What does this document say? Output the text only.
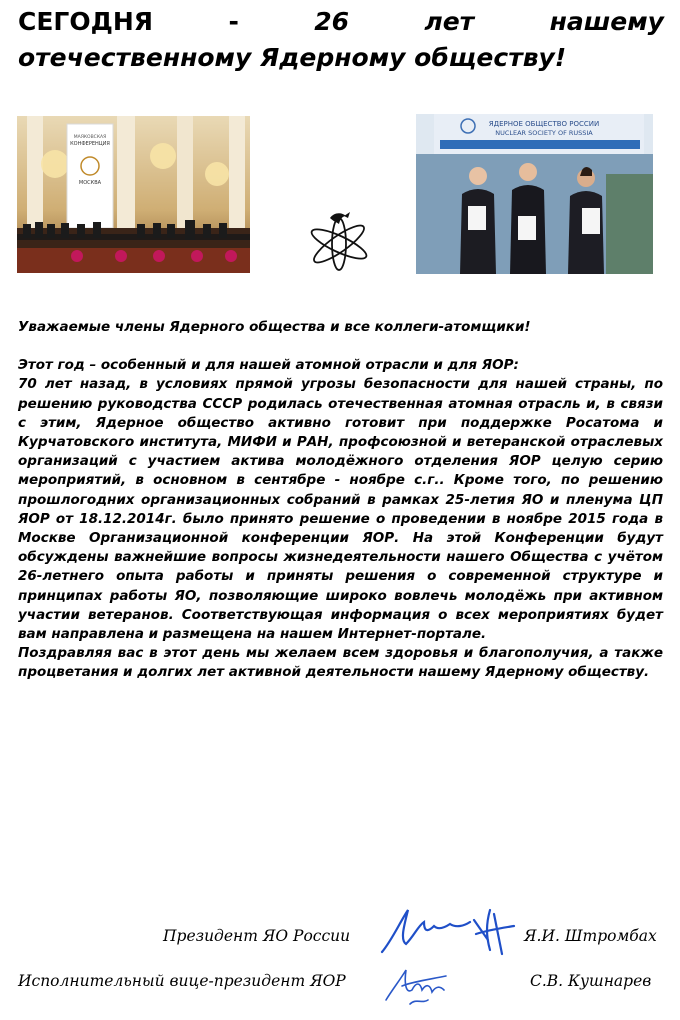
СЕГОДНЯ	-	26	лет	нашему
отечественному Ядерному обществу!
МАЯКОВСКАЯ
КОНФЕРЕНЦИЯ
МОСКВА
ЯДЕРНОЕ ОБЩЕСТВО РОССИИ
NUCLEAR SOCIETY OF RUSSIA

Уважаемые члены Ядерного общества и все коллеги-атомщики!

Этот год – особенный и для нашей атомной отрасли и для ЯОР:

70 лет назад, в условиях прямой угрозы безопасности для нашей страны, по решению руководства СССР родилась отечественная атомная отрасль и, в связи с этим, Ядерное общество активно готовит при поддержке Росатома и Курчатовского института, МИФИ и РАН, профсоюзной и ветеранской отраслевых организаций с участием актива молодёжного отделения ЯОР целую серию мероприятий, в основном в сентябре - ноябре с.г.. Кроме того, по решению прошлогодних организационных собраний в рамках 25-летия ЯО и пленума ЦП ЯОР от 18.12.2014г. было принято решение о проведении в ноябре 2015 года в Москве Организационной конференции ЯОР. На этой Конференции будут обсуждены важнейшие вопросы жизнедеятельности нашего Общества с учётом 26-летнего опыта работы и приняты решения о современной структуре и принципах работы ЯО, позволяющие широко вовлечь молодёжь при активном участии ветеранов. Соответствующая информация о всех мероприятиях будет вам направлена и размещена на нашем Интернет-портале.

Поздравляя вас в этот день мы желаем всем здоровья и благополучия, а также процветания и долгих лет активной деятельности нашему Ядерному обществу.

Президент ЯО России	Я.И. Штромбах
Исполнительный вице-президент ЯОР	С.В. Кушнарев
